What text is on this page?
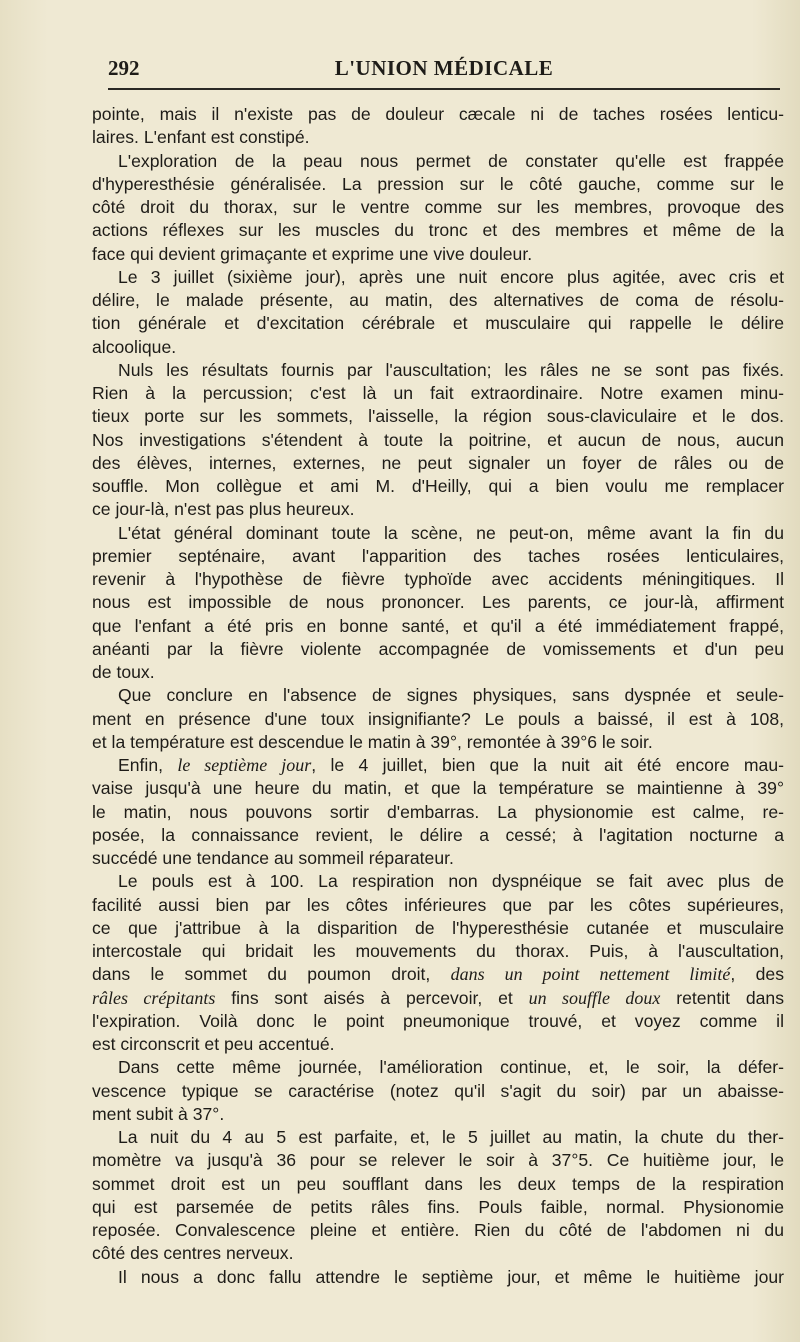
292	L'UNION MÉDICALE
pointe, mais il n'existe pas de douleur cæcale ni de taches rosées lenticu-
laires. L'enfant est constipé.
L'exploration de la peau nous permet de constater qu'elle est frappée
d'hyperesthésie généralisée. La pression sur le côté gauche, comme sur le
côté droit du thorax, sur le ventre comme sur les membres, provoque des
actions réflexes sur les muscles du tronc et des membres et même de la
face qui devient grimaçante et exprime une vive douleur.
Le 3 juillet (sixième jour), après une nuit encore plus agitée, avec cris et
délire, le malade présente, au matin, des alternatives de coma de résolu-
tion générale et d'excitation cérébrale et musculaire qui rappelle le délire
alcoolique.
Nuls les résultats fournis par l'auscultation; les râles ne se sont pas fixés.
Rien à la percussion; c'est là un fait extraordinaire. Notre examen minu-
tieux porte sur les sommets, l'aisselle, la région sous-claviculaire et le dos.
Nos investigations s'étendent à toute la poitrine, et aucun de nous, aucun
des élèves, internes, externes, ne peut signaler un foyer de râles ou de
souffle. Mon collègue et ami M. d'Heilly, qui a bien voulu me remplacer
ce jour-là, n'est pas plus heureux.
L'état général dominant toute la scène, ne peut-on, même avant la fin du
premier septénaire, avant l'apparition des taches rosées lenticulaires,
revenir à l'hypothèse de fièvre typhoïde avec accidents méningitiques. Il
nous est impossible de nous prononcer. Les parents, ce jour-là, affirment
que l'enfant a été pris en bonne santé, et qu'il a été immédiatement frappé,
anéanti par la fièvre violente accompagnée de vomissements et d'un peu
de toux.
Que conclure en l'absence de signes physiques, sans dyspnée et seule-
ment en présence d'une toux insignifiante? Le pouls a baissé, il est à 108,
et la température est descendue le matin à 39°, remontée à 39°6 le soir.
Enfin, le septième jour, le 4 juillet, bien que la nuit ait été encore mau-
vaise jusqu'à une heure du matin, et que la température se maintienne à 39°
le matin, nous pouvons sortir d'embarras. La physionomie est calme, re-
posée, la connaissance revient, le délire a cessé; à l'agitation nocturne a
succédé une tendance au sommeil réparateur.
Le pouls est à 100. La respiration non dyspnéique se fait avec plus de
facilité aussi bien par les côtes inférieures que par les côtes supérieures,
ce que j'attribue à la disparition de l'hyperesthésie cutanée et musculaire
intercostale qui bridait les mouvements du thorax. Puis, à l'auscultation,
dans le sommet du poumon droit, dans un point nettement limité, des
râles crépitants fins sont aisés à percevoir, et un souffle doux retentit dans
l'expiration. Voilà donc le point pneumonique trouvé, et voyez comme il
est circonscrit et peu accentué.
Dans cette même journée, l'amélioration continue, et, le soir, la défer-
vescence typique se caractérise (notez qu'il s'agit du soir) par un abaisse-
ment subit à 37°.
La nuit du 4 au 5 est parfaite, et, le 5 juillet au matin, la chute du ther-
momètre va jusqu'à 36 pour se relever le soir à 37°5. Ce huitième jour, le
sommet droit est un peu soufflant dans les deux temps de la respiration
qui est parsemée de petits râles fins. Pouls faible, normal. Physionomie
reposée. Convalescence pleine et entière. Rien du côté de l'abdomen ni du
côté des centres nerveux.
Il nous a donc fallu attendre le septième jour, et même le huitième jour
